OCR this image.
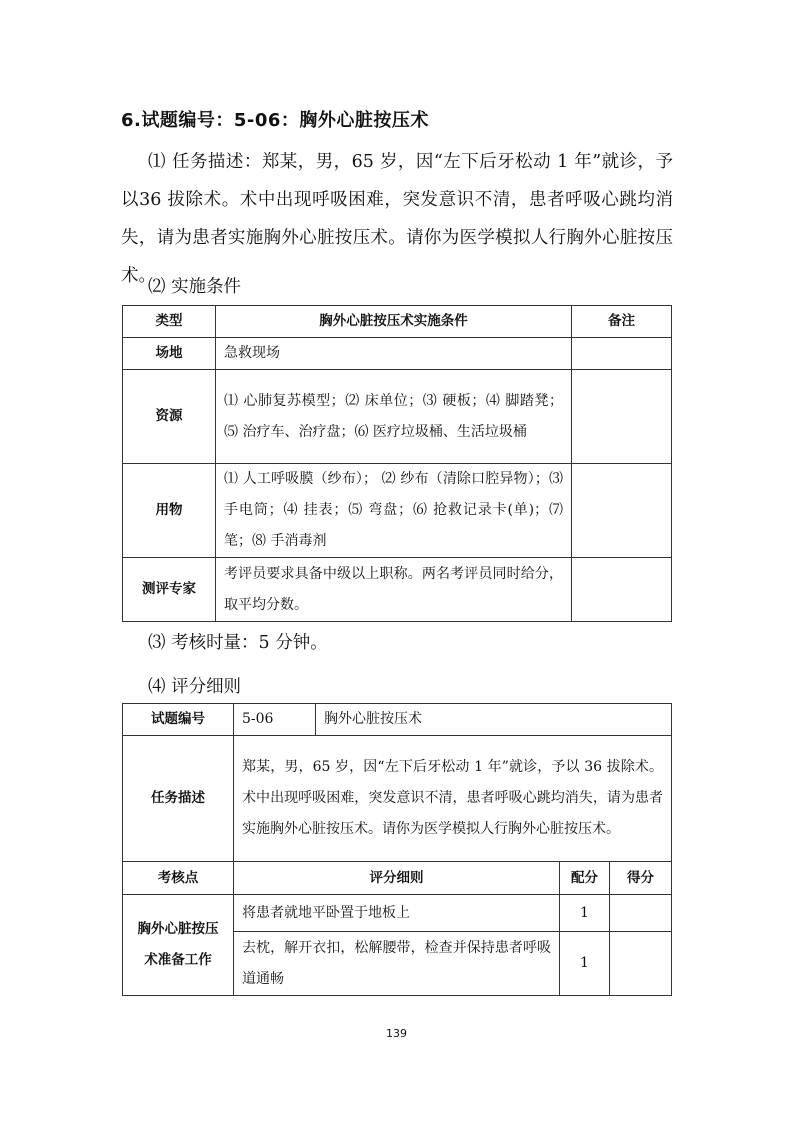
6.试题编号：5-06：胸外心脏按压术
⑴ 任务描述：郑某，男，65 岁，因“左下后牙松动 1 年”就诊，予以36 拔除术。术中出现呼吸困难，突发意识不清，患者呼吸心跳均消失，请为患者实施胸外心脏按压术。请你为医学模拟人行胸外心脏按压术。
⑵ 实施条件
类型	胸外心脏按压术实施条件	备注
场地	急救现场	
资源	⑴ 心肺复苏模型；⑵ 床单位；⑶ 硬板；⑷ 脚踏凳；⑸ 治疗车、治疗盘；⑹ 医疗垃圾桶、生活垃圾桶	
用物	⑴ 人工呼吸膜（纱布）； ⑵ 纱布（清除口腔异物）；⑶ 手电筒；⑷ 挂表；⑸ 弯盘；⑹ 抢救记录卡(单)；⑺ 笔；⑻ 手消毒剂	
测评专家	考评员要求具备中级以上职称。两名考评员同时给分，取平均分数。	
⑶ 考核时量：5 分钟。
⑷ 评分细则
试题编号	5-06	胸外心脏按压术		
任务描述	郑某，男，65 岁，因“左下后牙松动 1 年”就诊，予以 36 拔除术。术中出现呼吸困难，突发意识不清，患者呼吸心跳均消失，请为患者实施胸外心脏按压术。请你为医学模拟人行胸外心脏按压术。			
考核点	评分细则		配分	得分
胸外心脏按压术准备工作	将患者就地平卧置于地板上		1	
	去枕，解开衣扣，松解腰带，检查并保持患者呼吸道通畅		1	
139
